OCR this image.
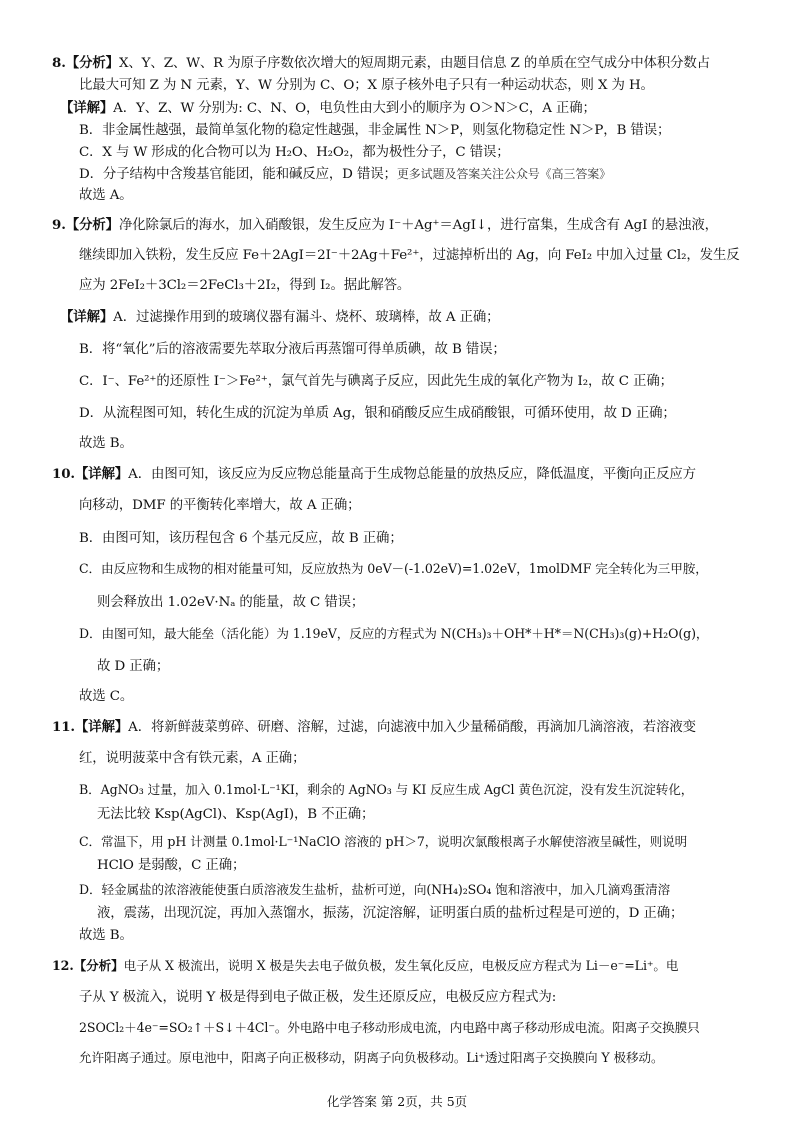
8.【分析】X、Y、Z、W、R 为原子序数依次增大的短周期元素，由题目信息 Z 的单质在空气成分中体积分数占
比最大可知 Z 为 N 元素，Y、W 分别为 C、O；X 原子核外电子只有一种运动状态，则 X 为 H。
【详解】A．Y、Z、W 分别为: C、N、O，电负性由大到小的顺序为 O＞N＞C，A 正确；
B．非金属性越强，最简单氢化物的稳定性越强，非金属性 N＞P，则氢化物稳定性 N＞P，B 错误；
C．X 与 W 形成的化合物可以为 H₂O、H₂O₂，都为极性分子，C 错误；
D．分子结构中含羧基官能团，能和碱反应，D 错误；更多试题及答案关注公众号《高三答案》
故选 A。
9.【分析】净化除氯后的海水，加入硝酸银，发生反应为 I⁻＋Ag⁺＝AgI↓，进行富集，生成含有 AgI 的悬浊液，
继续即加入铁粉，发生反应 Fe＋2AgI＝2I⁻＋2Ag＋Fe²⁺，过滤掉析出的 Ag，向 FeI₂ 中加入过量 Cl₂，发生反
应为 2FeI₂＋3Cl₂＝2FeCl₃＋2I₂，得到 I₂。据此解答。
【详解】A．过滤操作用到的玻璃仪器有漏斗、烧杯、玻璃棒，故 A 正确；
B．将“氧化”后的溶液需要先萃取分液后再蒸馏可得单质碘，故 B 错误；
C．I⁻、Fe²⁺的还原性 I⁻＞Fe²⁺，氯气首先与碘离子反应，因此先生成的氧化产物为 I₂，故 C 正确；
D．从流程图可知，转化生成的沉淀为单质 Ag，银和硝酸反应生成硝酸银，可循环使用，故 D 正确；
故选 B。
10.【详解】A．由图可知，该反应为反应物总能量高于生成物总能量的放热反应，降低温度，平衡向正反应方
向移动，DMF 的平衡转化率增大，故 A 正确；
B．由图可知，该历程包含 6 个基元反应，故 B 正确；
C．由反应物和生成物的相对能量可知，反应放热为 0eV－(-1.02eV)=1.02eV，1molDMF 完全转化为三甲胺，
则会释放出 1.02eV·Nₐ 的能量，故 C 错误；
D．由图可知，最大能垒（活化能）为 1.19eV，反应的方程式为 N(CH₃)₃＋OH*＋H*＝N(CH₃)₃(g)+H₂O(g)，
故 D 正确；
故选 C。
11.【详解】A．将新鲜菠菜剪碎、研磨、溶解，过滤，向滤液中加入少量稀硝酸，再滴加几滴溶液，若溶液变
红，说明菠菜中含有铁元素，A 正确；
B．AgNO₃ 过量，加入 0.1mol·L⁻¹KI，剩余的 AgNO₃ 与 KI 反应生成 AgCl 黄色沉淀，没有发生沉淀转化，
无法比较 Ksp(AgCl)、Ksp(AgI)，B 不正确；
C．常温下，用 pH 计测量 0.1mol·L⁻¹NaClO 溶液的 pH＞7，说明次氯酸根离子水解使溶液呈碱性，则说明
HClO 是弱酸，C 正确；
D．轻金属盐的浓溶液能使蛋白质溶液发生盐析，盐析可逆，向(NH₄)₂SO₄ 饱和溶液中，加入几滴鸡蛋清溶
液，震荡，出现沉淀，再加入蒸馏水，振荡，沉淀溶解，证明蛋白质的盐析过程是可逆的，D 正确；
故选 B。
12.【分析】电子从 X 极流出，说明 X 极是失去电子做负极，发生氧化反应，电极反应方程式为 Li－e⁻=Li⁺。电
子从 Y 极流入，说明 Y 极是得到电子做正极，发生还原反应，电极反应方程式为:
2SOCl₂＋4e⁻=SO₂↑＋S↓＋4Cl⁻。外电路中电子移动形成电流，内电路中离子移动形成电流。阳离子交换膜只
允许阳离子通过。原电池中，阳离子向正极移动，阴离子向负极移动。Li⁺透过阳离子交换膜向 Y 极移动。
化学答案 第 2页，共 5页
